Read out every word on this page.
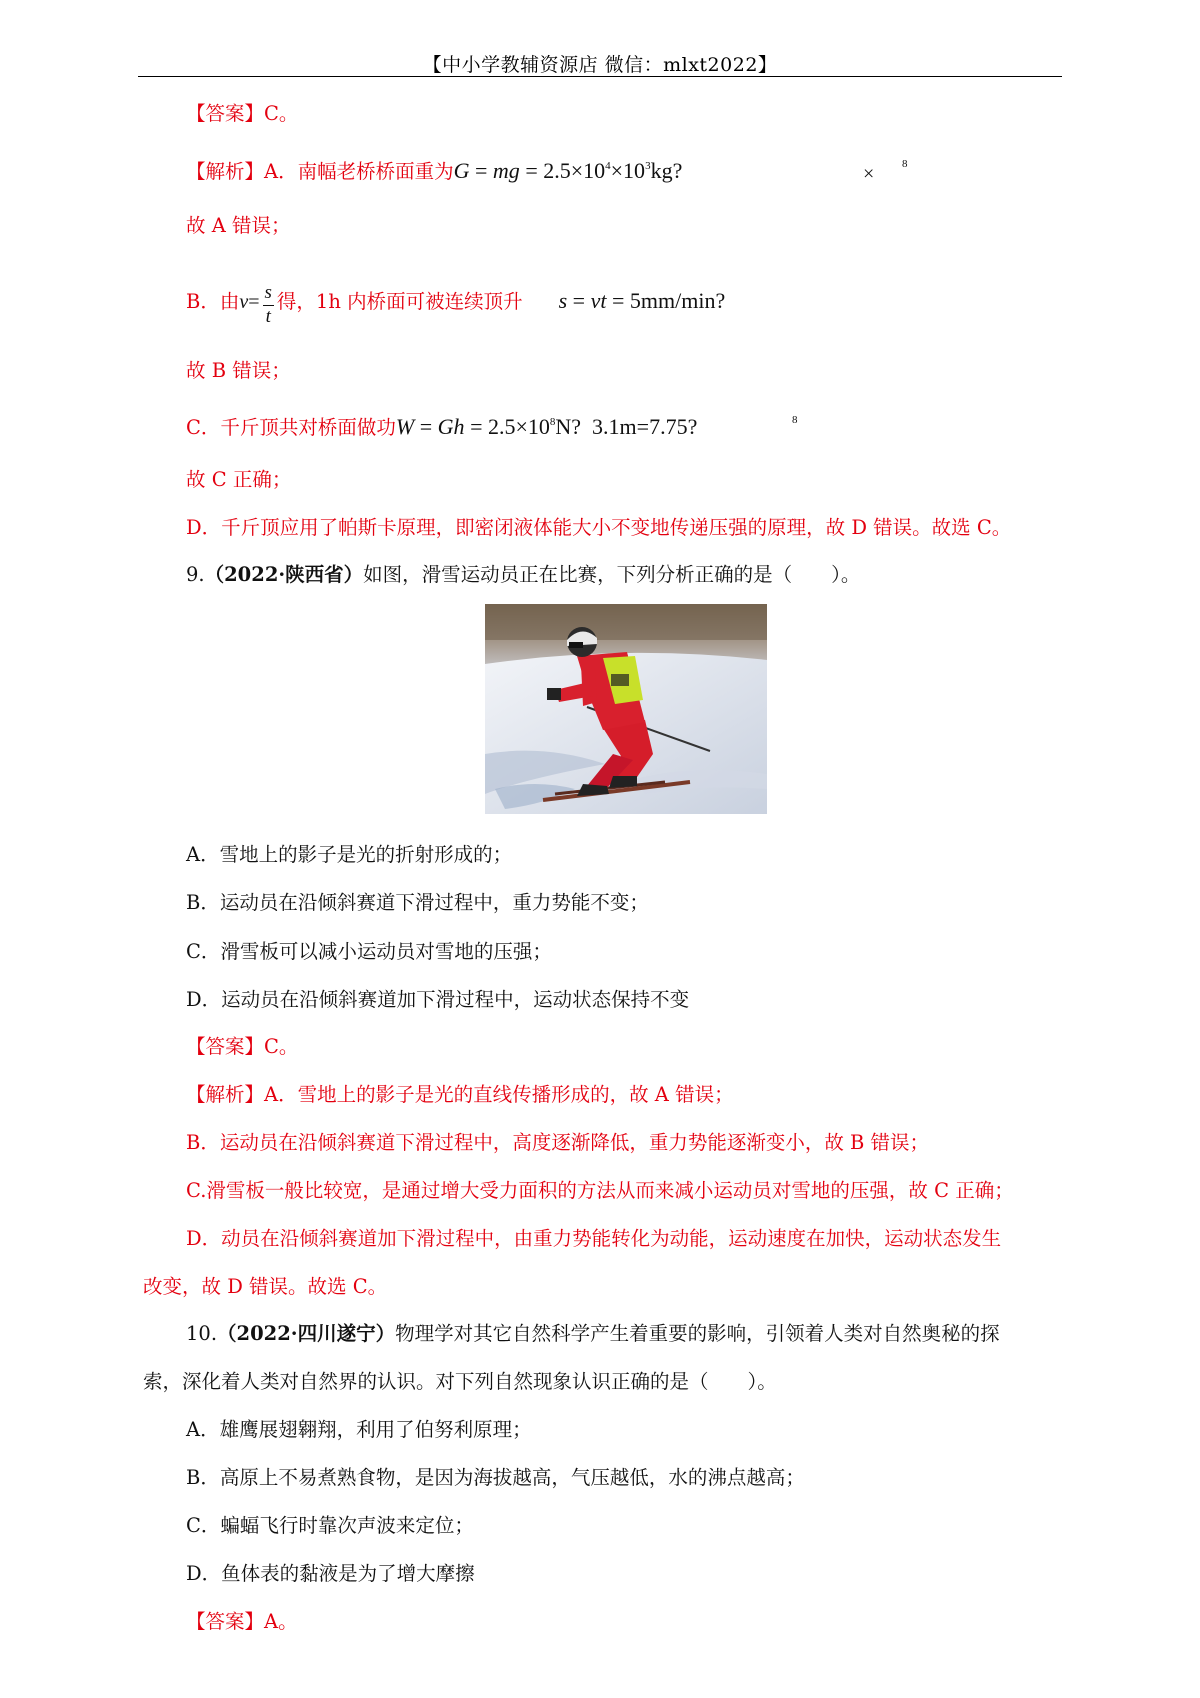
【中小学教辅资源店 微信：mlxt2022】
【答案】C。
【解析】A．南幅老桥桥面重为G = mg = $2.5\times 10^4\times 10^3kg$?	×	8
故 A 错误；
B．由$v= \frac{s}{t}$ 得，1h 内桥面可被连续顶升 s = vt = 5mm/min?
故 B 错误；
C．千斤顶共对桥面做功$W = Gh = 2.5\times 10^8N$?  3.1m=7.75?	8
故 C 正确；
D．千斤顶应用了帕斯卡原理，即密闭液体能大小不变地传递压强的原理，故 D 错误。故选 C。
9.（2022·陕西省）如图，滑雪运动员正在比赛，下列分析正确的是（　　）。
A．雪地上的影子是光的折射形成的；
B．运动员在沿倾斜赛道下滑过程中，重力势能不变；
C．滑雪板可以减小运动员对雪地的压强；
D．运动员在沿倾斜赛道加下滑过程中，运动状态保持不变
【答案】C。
【解析】A．雪地上的影子是光的直线传播形成的，故 A 错误；
B．运动员在沿倾斜赛道下滑过程中，高度逐渐降低，重力势能逐渐变小，故 B 错误；
C.滑雪板一般比较宽，是通过增大受力面积的方法从而来减小运动员对雪地的压强，故 C 正确；
D．动员在沿倾斜赛道加下滑过程中，由重力势能转化为动能，运动速度在加快，运动状态发生
改变，故 D 错误。故选 C。
10.（2022·四川遂宁）物理学对其它自然科学产生着重要的影响，引领着人类对自然奥秘的探
索，深化着人类对自然界的认识。对下列自然现象认识正确的是（　　）。
A．雄鹰展翅翱翔，利用了伯努利原理；
B．高原上不易煮熟食物，是因为海拔越高，气压越低，水的沸点越高；
C．蝙蝠飞行时靠次声波来定位；
D．鱼体表的黏液是为了增大摩擦
【答案】A。
